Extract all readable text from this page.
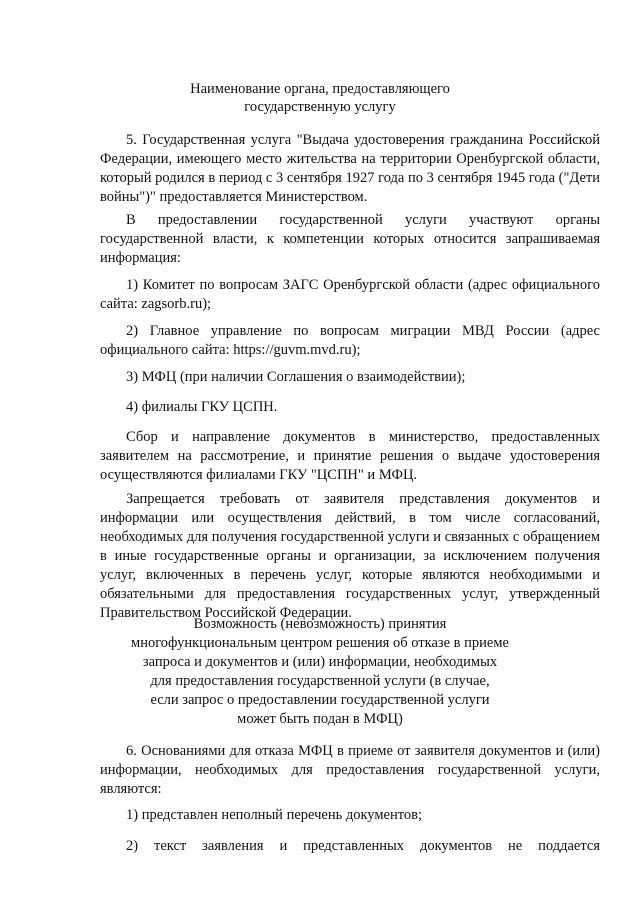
Наименование органа, предоставляющего
государственную услугу
5. Государственная услуга "Выдача удостоверения гражданина Российской Федерации, имеющего место жительства на территории Оренбургской области, который родился в период с 3 сентября 1927 года по 3 сентября 1945 года ("Дети войны")" предоставляется Министерством.
В предоставлении государственной услуги участвуют органы государственной власти, к компетенции которых относится запрашиваемая информация:
1) Комитет по вопросам ЗАГС Оренбургской области (адрес официального сайта: zagsorb.ru);
2) Главное управление по вопросам миграции МВД России (адрес официального сайта: https://guvm.mvd.ru);
3) МФЦ (при наличии Соглашения о взаимодействии);
4) филиалы ГКУ ЦСПН.
Сбор и направление документов в министерство, предоставленных заявителем на рассмотрение, и принятие решения о выдаче удостоверения осуществляются филиалами ГКУ "ЦСПН" и МФЦ.
Запрещается требовать от заявителя представления документов и информации или осуществления действий, в том числе согласований, необходимых для получения государственной услуги и связанных с обращением в иные государственные органы и организации, за исключением получения услуг, включенных в перечень услуг, которые являются необходимыми и обязательными для предоставления государственных услуг, утвержденный Правительством Российской Федерации.
Возможность (невозможность) принятия
многофункциональным центром решения об отказе в приеме
запроса и документов и (или) информации, необходимых
для предоставления государственной услуги (в случае,
если запрос о предоставлении государственной услуги
может быть подан в МФЦ)
6. Основаниями для отказа МФЦ в приеме от заявителя документов и (или) информации, необходимых для предоставления государственной услуги, являются:
1) представлен неполный перечень документов;
2) текст заявления и представленных документов не поддается
